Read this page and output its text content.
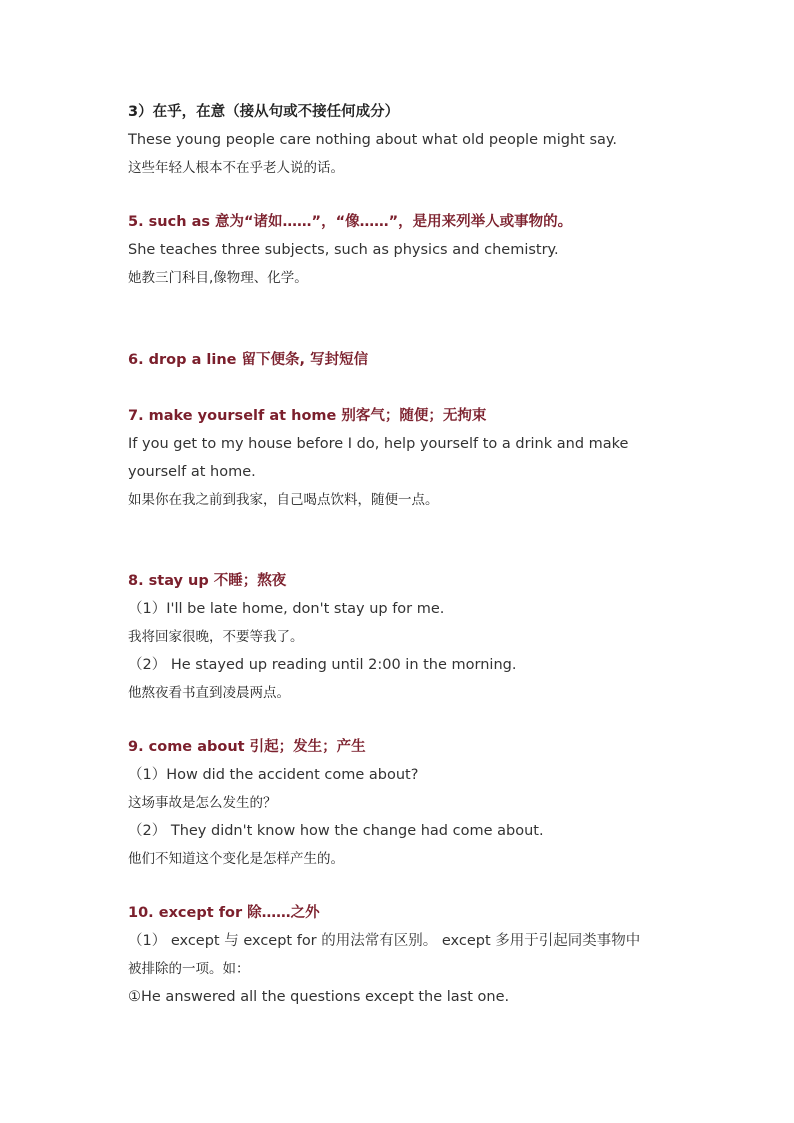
3）在乎，在意（接从句或不接任何成分）
These young people care nothing about what old people might say.
这些年轻人根本不在乎老人说的话。
5. such as 意为“诸如……”，“像……”，是用来列举人或事物的。
She teaches three subjects, such as physics and chemistry.
她教三门科目,像物理、化学。
6. drop a line 留下便条, 写封短信
7. make yourself at home 别客气；随便；无拘束
If you get to my house before I do, help yourself to a drink and make
yourself at home.
如果你在我之前到我家，自己喝点饮料，随便一点。
8. stay up 不睡；熬夜
（1）I'll be late home, don't stay up for me.
我将回家很晚，不要等我了。
（2） He stayed up reading until 2:00 in the morning.
他熬夜看书直到凌晨两点。
9. come about 引起；发生；产生
（1）How did the accident come about?
这场事故是怎么发生的？
（2） They didn't know how the change had come about.
他们不知道这个变化是怎样产生的。
10. except for 除……之外
（1） except 与 except for 的用法常有区别。 except 多用于引起同类事物中
被排除的一项。如：
①He answered all the questions except the last one.
